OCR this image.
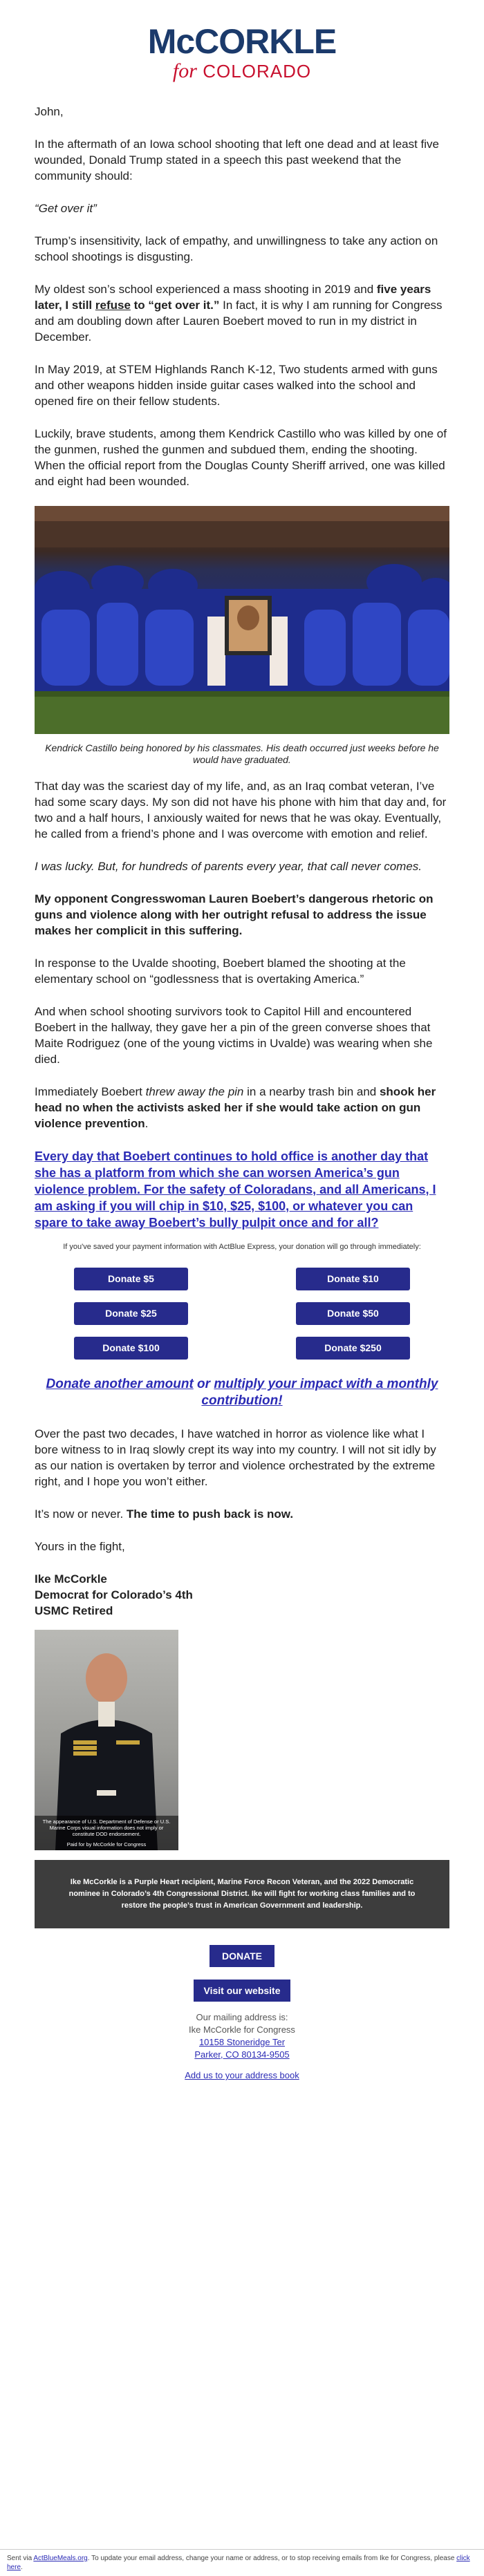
McCORKLE
for COLORADO

John,

In the aftermath of an Iowa school shooting that left one dead and at least five wounded, Donald Trump stated in a speech this past weekend that the community should:

“Get over it”

Trump’s insensitivity, lack of empathy, and unwillingness to take any action on school shootings is disgusting.

My oldest son’s school experienced a mass shooting in 2019 and five years later, I still refuse to “get over it.” In fact, it is why I am running for Congress and am doubling down after Lauren Boebert moved to run in my district in December.

In May 2019, at STEM Highlands Ranch K-12, Two students armed with guns and other weapons hidden inside guitar cases walked into the school and opened fire on their fellow students.

Luckily, brave students, among them Kendrick Castillo who was killed by one of the gunmen, rushed the gunmen and subdued them, ending the shooting. When the official report from the Douglas County Sheriff arrived, one was killed and eight had been wounded.

Kendrick Castillo being honored by his classmates. His death occurred just weeks before he would have graduated.

That day was the scariest day of my life, and, as an Iraq combat veteran, I’ve had some scary days. My son did not have his phone with him that day and, for two and a half hours, I anxiously waited for news that he was okay. Eventually, he called from a friend’s phone and I was overcome with emotion and relief.

I was lucky. But, for hundreds of parents every year, that call never comes.

My opponent Congresswoman Lauren Boebert’s dangerous rhetoric on guns and violence along with her outright refusal to address the issue makes her complicit in this suffering.

In response to the Uvalde shooting, Boebert blamed the shooting at the elementary school on “godlessness that is overtaking America.”

And when school shooting survivors took to Capitol Hill and encountered Boebert in the hallway, they gave her a pin of the green converse shoes that Maite Rodriguez (one of the young victims in Uvalde) was wearing when she died.

Immediately Boebert threw away the pin in a nearby trash bin and shook her head no when the activists asked her if she would take action on gun violence prevention.

Every day that Boebert continues to hold office is another day that she has a platform from which she can worsen America’s gun violence problem. For the safety of Coloradans, and all Americans, I am asking if you will chip in $10, $25, $100, or whatever you can spare to take away Boebert’s bully pulpit once and for all?

If you've saved your payment information with ActBlue Express, your donation will go through immediately:

Donate $5	Donate $10
Donate $25	Donate $50
Donate $100	Donate $250

Donate another amount or multiply your impact with a monthly contribution!

Over the past two decades, I have watched in horror as violence like what I bore witness to in Iraq slowly crept its way into my country. I will not sit idly by as our nation is overtaken by terror and violence orchestrated by the extreme right, and I hope you won’t either.

It’s now or never. The time to push back is now.

Yours in the fight,

Ike McCorkle
Democrat for Colorado’s 4th
USMC Retired

The appearance of U.S. Department of Defense or U.S. Marine Corps visual information does not imply or constitute DOD endorsement.
Paid for by McCorkle for Congress
Ike McCorkle is a Purple Heart recipient, Marine Force Recon Veteran, and the 2022 Democratic nominee in Colorado’s 4th Congressional District. Ike will fight for working class families and to restore the people’s trust in American Government and leadership.
DONATE
Visit our website
Our mailing address is:
Ike McCorkle for Congress
10158 Stoneridge Ter
Parker, CO 80134-9505
Add us to your address book
Sent via ActBlueMeals.org. To update your email address, change your name or address, or to stop receiving emails from Ike for Congress, please click here.
